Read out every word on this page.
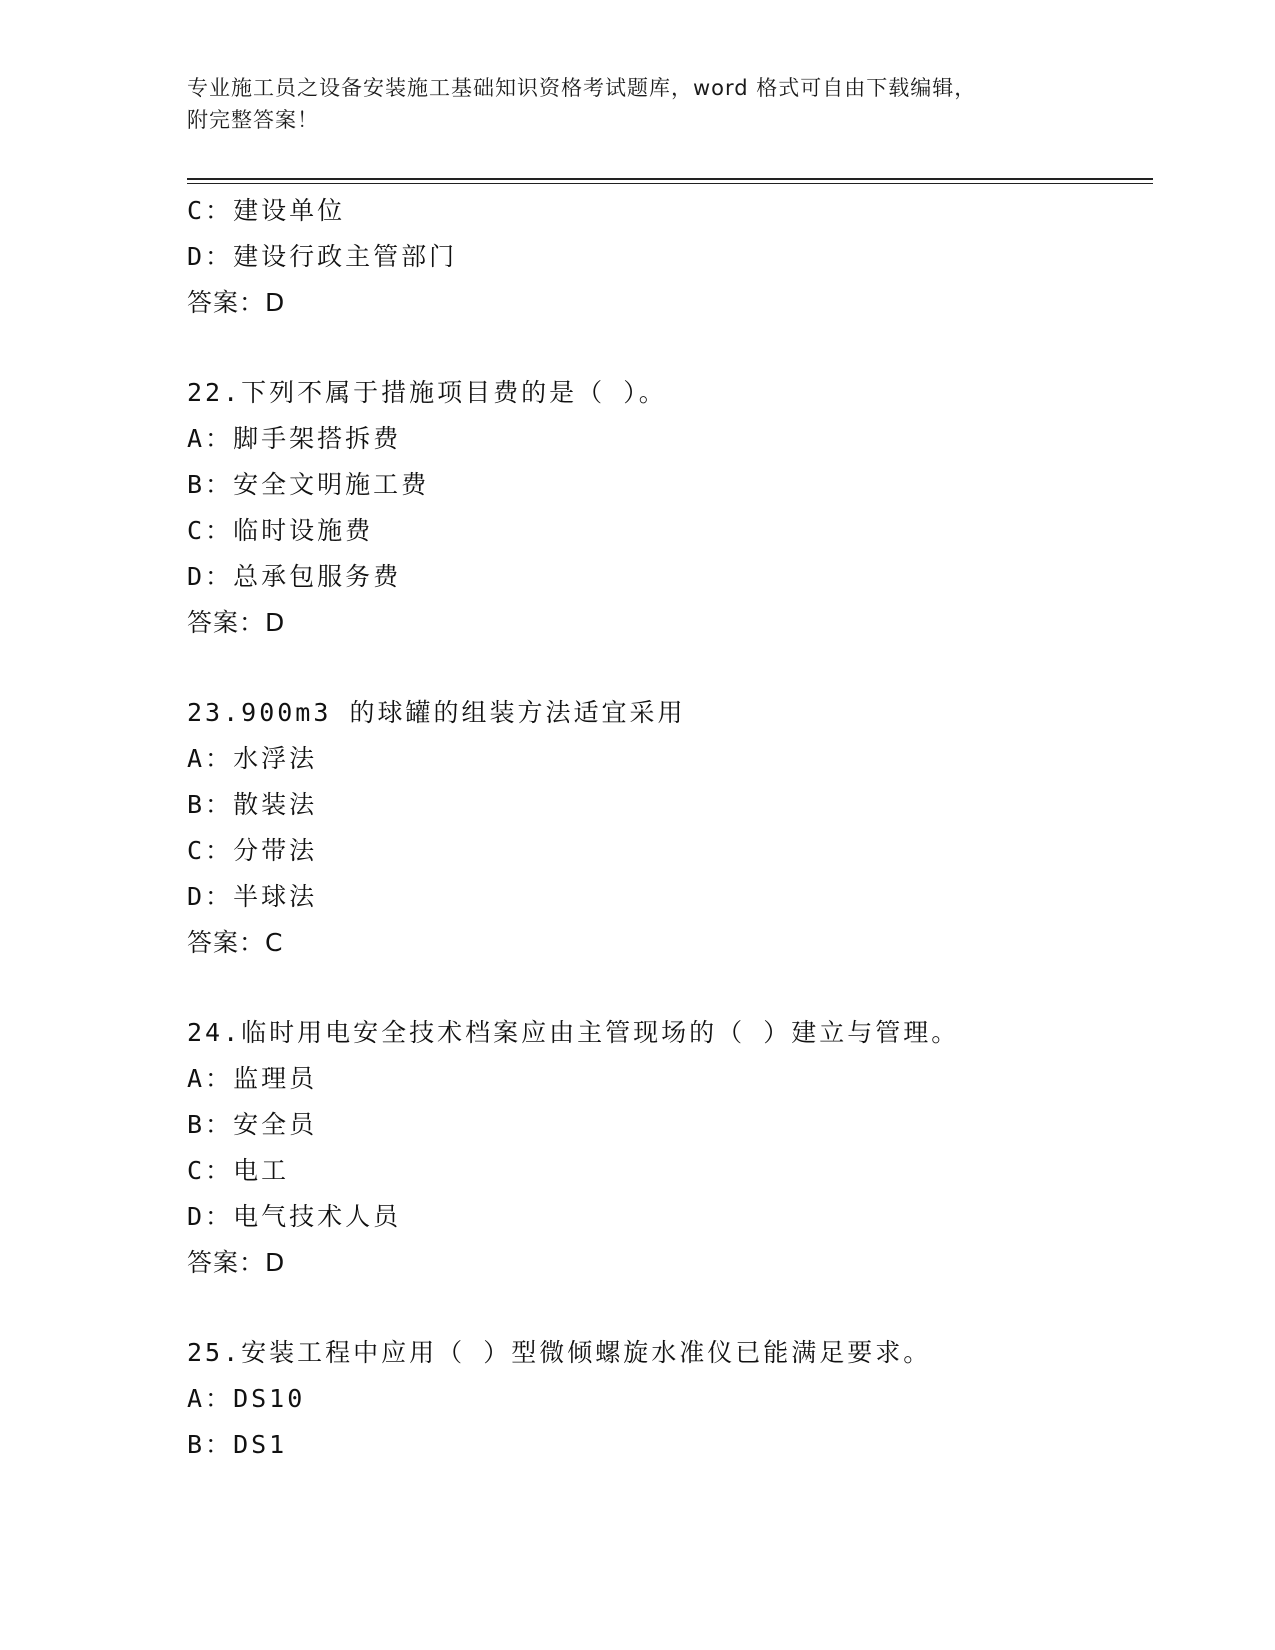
专业施工员之设备安装施工基础知识资格考试题库，word 格式可自由下载编辑，
附完整答案！
C：建设单位
D：建设行政主管部门
答案：D
22.下列不属于措施项目费的是（ ）。
A：脚手架搭拆费
B：安全文明施工费
C：临时设施费
D：总承包服务费
答案：D
23.900m3 的球罐的组装方法适宜采用
A：水浮法
B：散装法
C：分带法
D：半球法
答案：C
24.临时用电安全技术档案应由主管现场的（ ）建立与管理。
A：监理员
B：安全员
C：电工
D：电气技术人员
答案：D
25.安装工程中应用（ ）型微倾螺旋水准仪已能满足要求。
A：DS10
B：DS1
